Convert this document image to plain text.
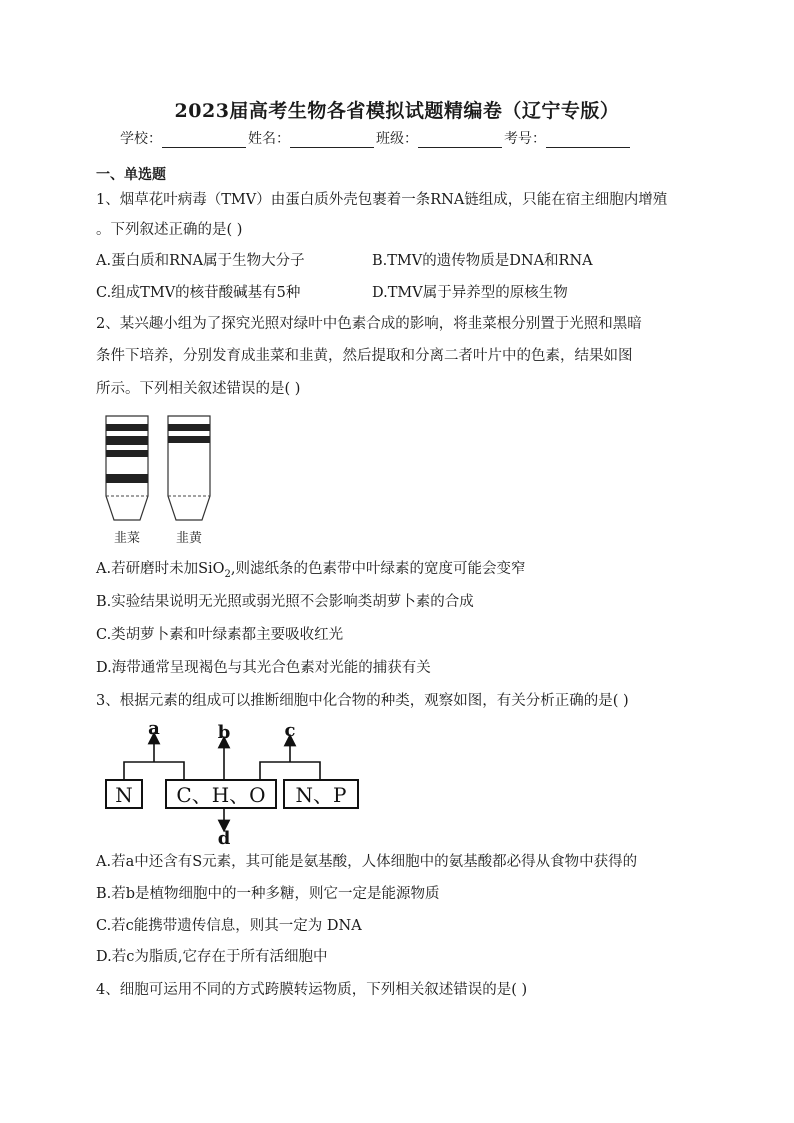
2023届高考生物各省模拟试题精编卷（辽宁专版）
学校：	姓名：	班级：	考号：
一、单选题
1、烟草花叶病毒（TMV）由蛋白质外壳包裹着一条RNA链组成，只能在宿主细胞内增殖
。下列叙述正确的是( )
A.蛋白质和RNA属于生物大分子	B.TMV的遗传物质是DNA和RNA
C.组成TMV的核苷酸碱基有5种	D.TMV属于异养型的原核生物
2、某兴趣小组为了探究光照对绿叶中色素合成的影响，将韭菜根分别置于光照和黑暗
条件下培养，分别发育成韭菜和韭黄，然后提取和分离二者叶片中的色素，结果如图
所示。下列相关叙述错误的是( )
韭菜	韭黄
A.若研磨时未加SiO$_2$,则滤纸条的色素带中叶绿素的宽度可能会变窄
B.实验结果说明无光照或弱光照不会影响类胡萝卜素的合成
C.类胡萝卜素和叶绿素都主要吸收红光
D.海带通常呈现褐色与其光合色素对光能的捕获有关
3、根据元素的组成可以推断细胞中化合物的种类，观察如图，有关分析正确的是( )
N C、H、O N、P
a	b	c
d
A.若a中还含有S元素，其可能是氨基酸，人体细胞中的氨基酸都必得从食物中获得的
B.若b是植物细胞中的一种多糖，则它一定是能源物质
C.若c能携带遗传信息，则其一定为 DNA
D.若c为脂质,它存在于所有活细胞中
4、细胞可运用不同的方式跨膜转运物质，下列相关叙述错误的是( )
